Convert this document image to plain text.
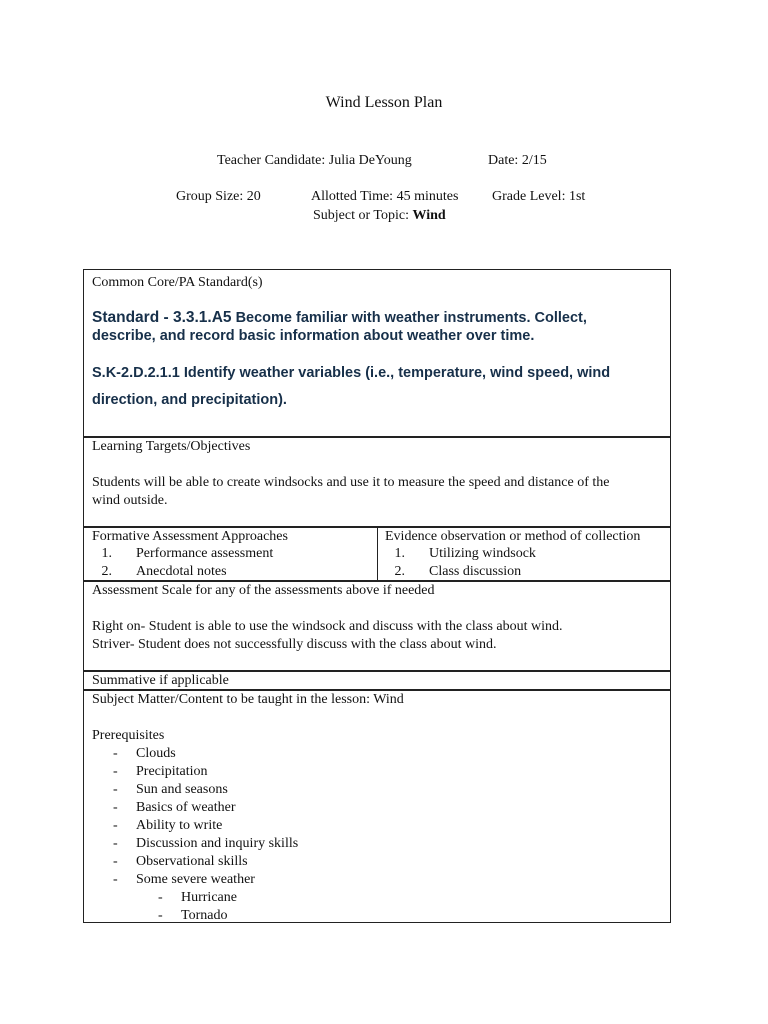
Wind Lesson Plan
Teacher Candidate: Julia DeYoung	Date: 2/15
Group Size: 20	Allotted Time: 45 minutes Grade Level: 1st
Subject or Topic: Wind
Common Core/PA Standard(s)
Standard - 3.3.1.A5 Become familiar with weather instruments. Collect, describe, and record basic information about weather over time.
S.K-2.D.2.1.1 Identify weather variables (i.e., temperature, wind speed, wind
direction, and precipitation).
Learning Targets/Objectives
Students will be able to create windsocks and use it to measure the speed and distance of the
wind outside.
Formative Assessment Approaches
1. Performance assessment
2. Anecdotal notes
Evidence observation or method of collection
1. Utilizing windsock
2. Class discussion
Assessment Scale for any of the assessments above if needed
Right on- Student is able to use the windsock and discuss with the class about wind.
Striver- Student does not successfully discuss with the class about wind.
Summative if applicable
Subject Matter/Content to be taught in the lesson: Wind
Prerequisites
- Clouds
- Precipitation
- Sun and seasons
- Basics of weather
- Ability to write
- Discussion and inquiry skills
- Observational skills
- Some severe weather
- Hurricane
- Tornado
